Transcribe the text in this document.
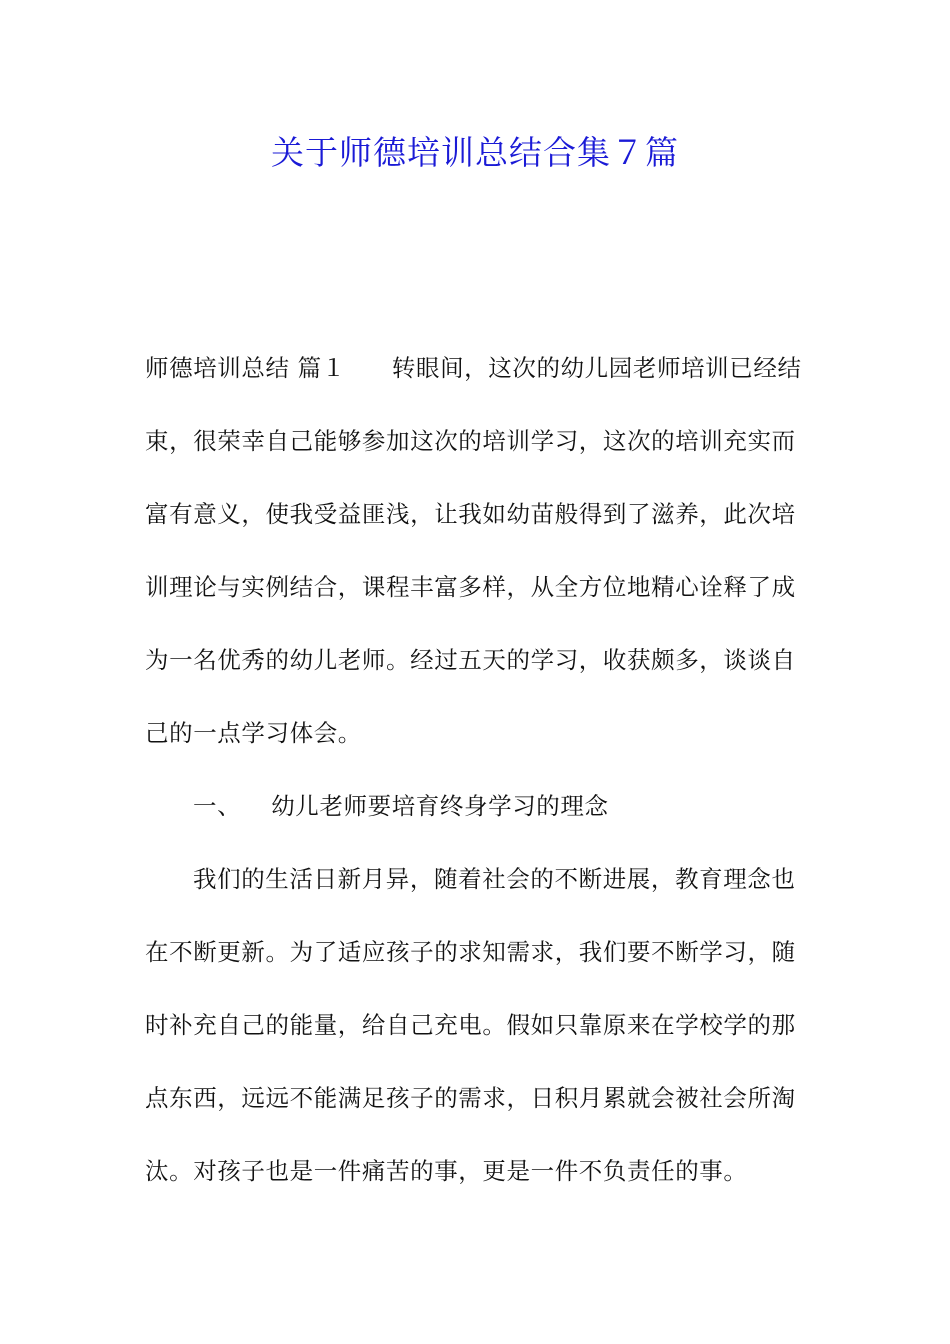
关于师德培训总结合集７篇
师德培训总结 篇１ 转眼间，这次的幼儿园老师培训已经结
束，很荣幸自己能够参加这次的培训学习，这次的培训充实而
富有意义，使我受益匪浅，让我如幼苗般得到了滋养，此次培
训理论与实例结合，课程丰富多样，从全方位地精心诠释了成
为一名优秀的幼儿老师。经过五天的学习，收获颇多，谈谈自
己的一点学习体会。
一、 幼儿老师要培育终身学习的理念
我们的生活日新月异，随着社会的不断进展，教育理念也
在不断更新。为了适应孩子的求知需求，我们要不断学习，随
时补充自己的能量，给自己充电。假如只靠原来在学校学的那
点东西，远远不能满足孩子的需求，日积月累就会被社会所淘
汰。对孩子也是一件痛苦的事，更是一件不负责任的事。
